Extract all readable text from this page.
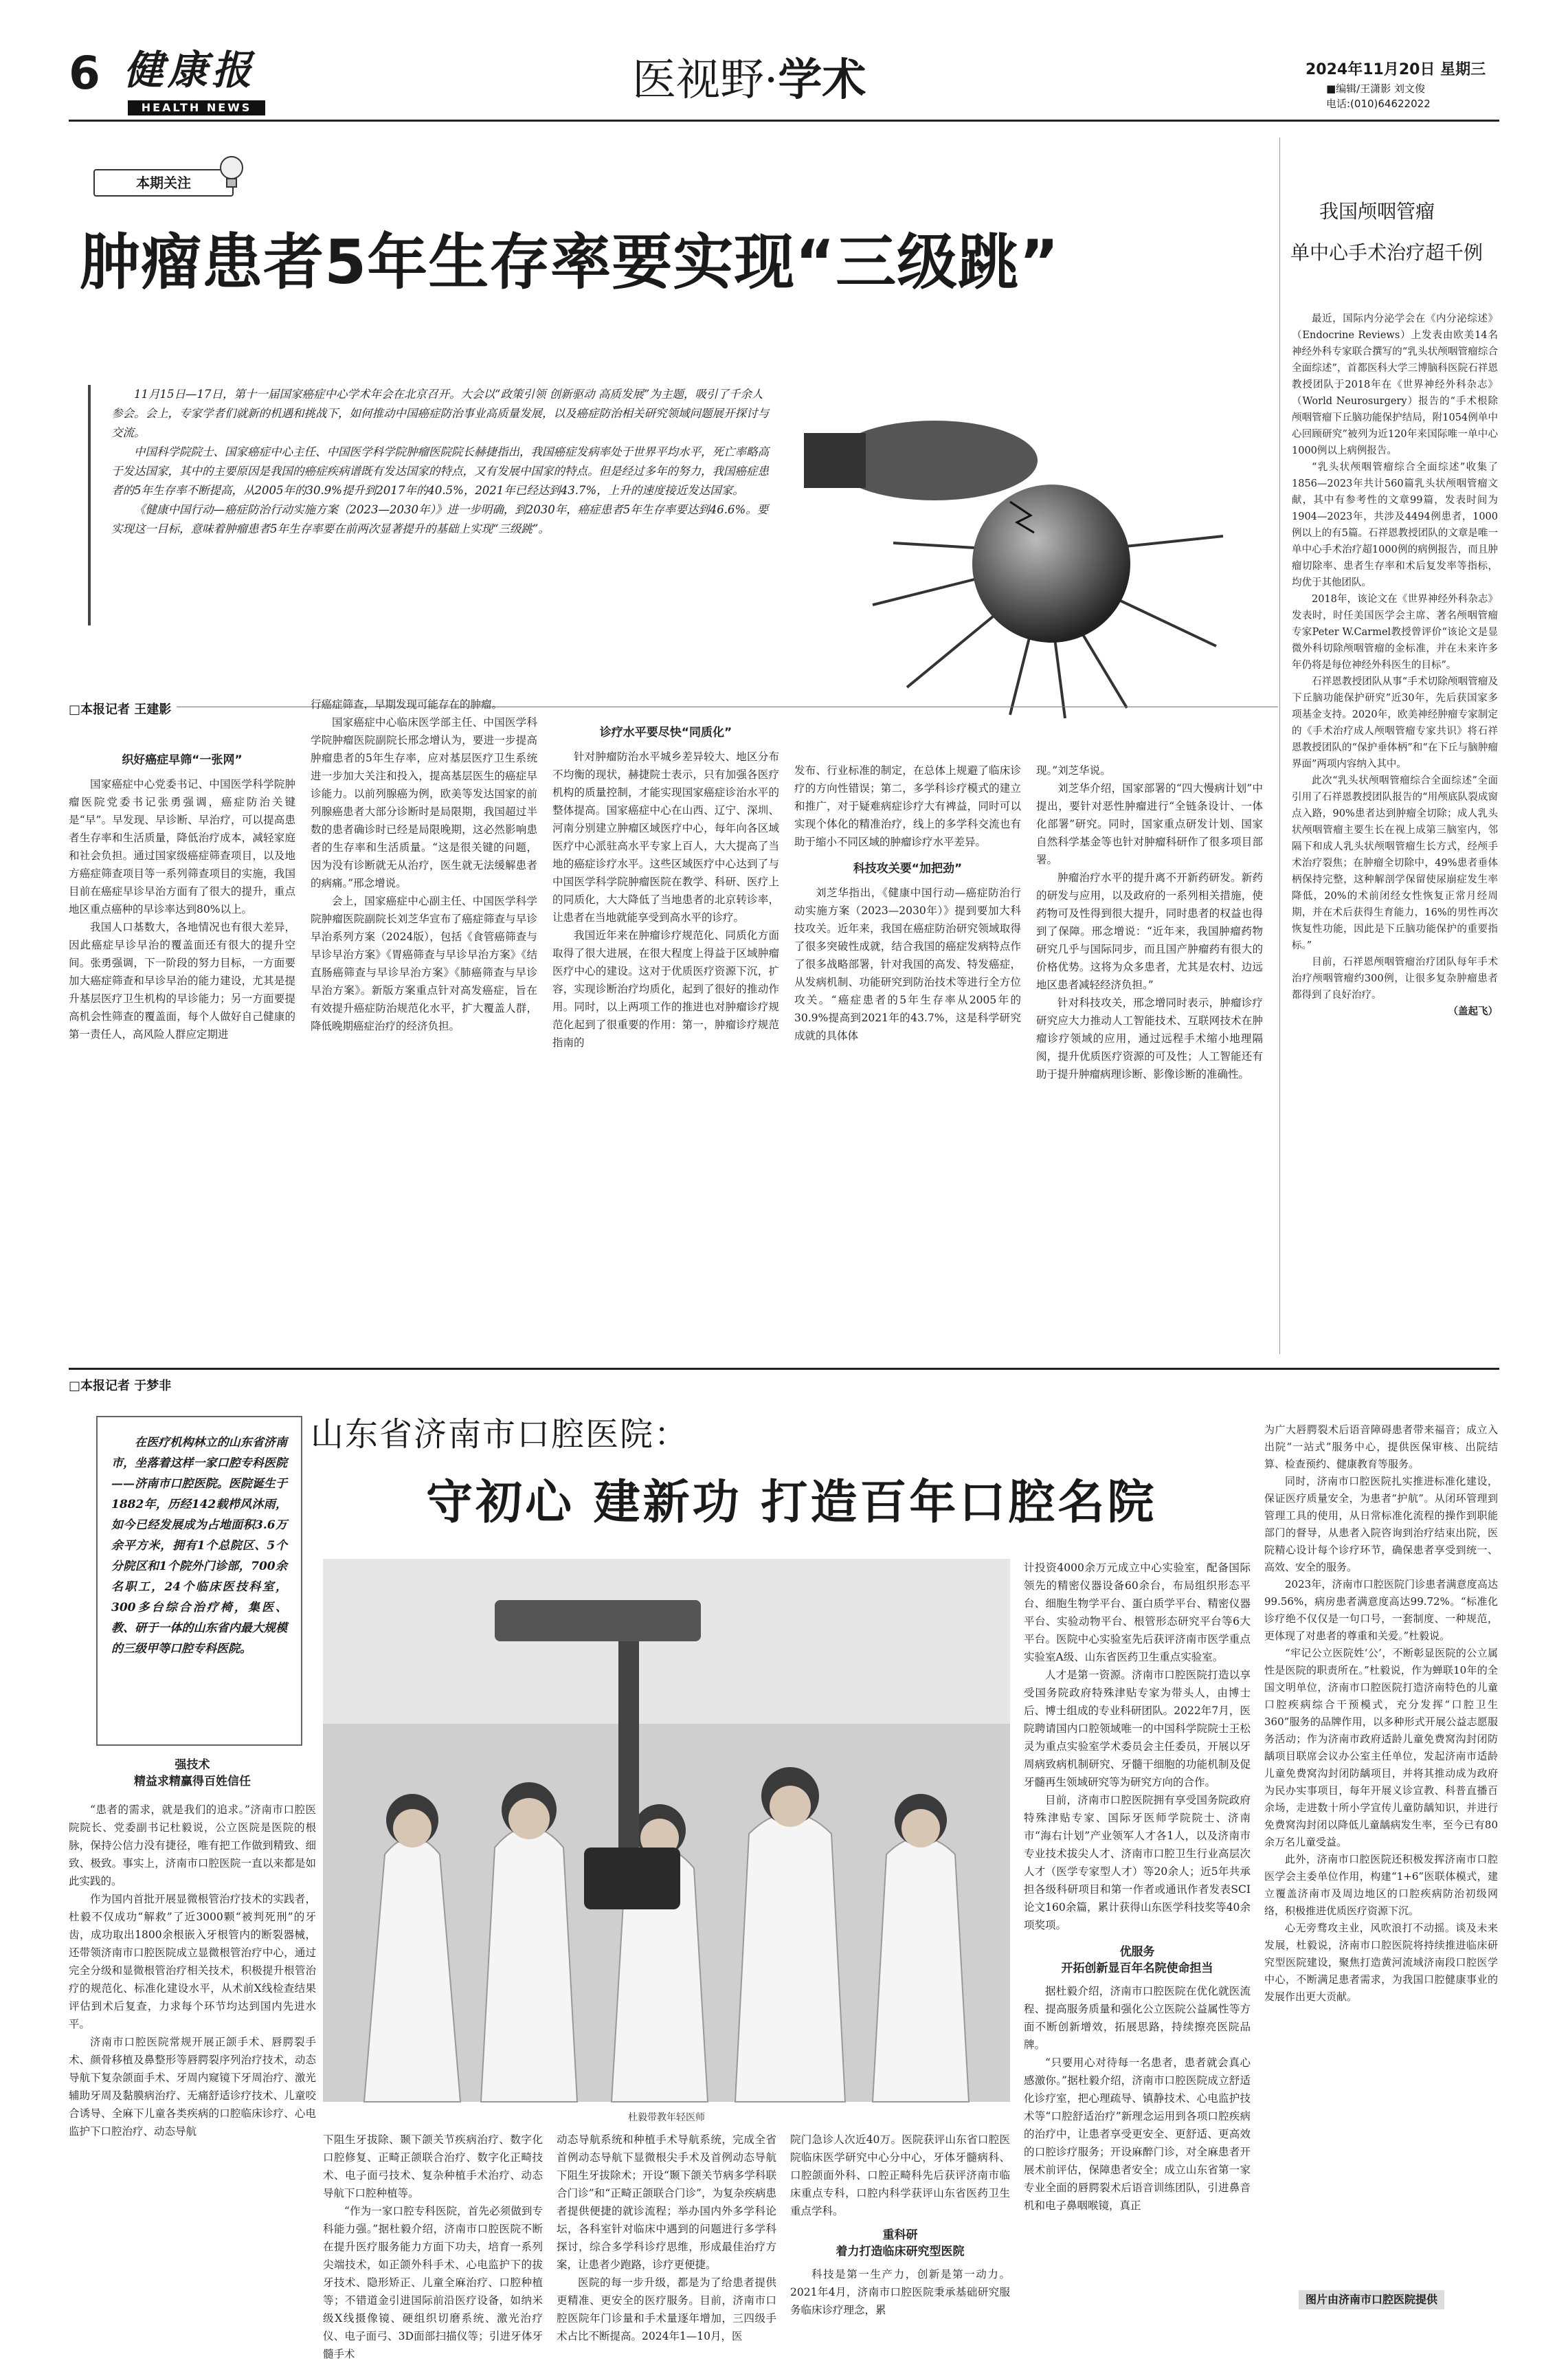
6 健康报
HEALTH NEWS
医视野·学术	2024年11月20日 星期三
■编辑/王潇影 刘文俊
电话:(010)64622022
本期关注
肿瘤患者5年生存率要实现“三级跳”

11月15日—17日，第十一届国家癌症中心学术年会在北京召开。大会以“政策引领 创新驱动 高质发展”为主题，吸引了千余人参会。会上，专家学者们就新的机遇和挑战下，如何推动中国癌症防治事业高质量发展，以及癌症防治相关研究领域问题展开探讨与交流。

中国科学院院士、国家癌症中心主任、中国医学科学院肿瘤医院院长赫捷指出，我国癌症发病率处于世界平均水平，死亡率略高于发达国家，其中的主要原因是我国的癌症疾病谱既有发达国家的特点，又有发展中国家的特点。但是经过多年的努力，我国癌症患者的5年生存率不断提高，从2005年的30.9%提升到2017年的40.5%，2021年已经达到43.7%，上升的速度接近发达国家。

《健康中国行动—癌症防治行动实施方案（2023—2030年）》进一步明确，到2030年，癌症患者5年生存率要达到46.6%。要实现这一目标，意味着肿瘤患者5年生存率要在前两次显著提升的基础上实现“三级跳”。

□本报记者 王建影
织好癌症早筛“一张网”

国家癌症中心党委书记、中国医学科学院肿瘤医院党委书记张勇强调，癌症防治关键是“早”。早发现、早诊断、早治疗，可以提高患者生存率和生活质量，降低治疗成本，减轻家庭和社会负担。通过国家级癌症筛查项目，以及地方癌症筛查项目等一系列筛查项目的实施，我国目前在癌症早诊早治方面有了很大的提升，重点地区重点癌种的早诊率达到80%以上。

我国人口基数大，各地情况也有很大差异，因此癌症早诊早治的覆盖面还有很大的提升空间。张勇强调，下一阶段的努力目标，一方面要加大癌症筛查和早诊早治的能力建设，尤其是提升基层医疗卫生机构的早诊能力；另一方面要提高机会性筛查的覆盖面，每个人做好自己健康的第一责任人，高风险人群应定期进

行癌症筛查，早期发现可能存在的肿瘤。

国家癌症中心临床医学部主任、中国医学科学院肿瘤医院副院长邢念增认为，要进一步提高肿瘤患者的5年生存率，应对基层医疗卫生系统进一步加大关注和投入，提高基层医生的癌症早诊能力。以前列腺癌为例，欧美等发达国家的前列腺癌患者大部分诊断时是局限期，我国超过半数的患者确诊时已经是局限晚期，这必然影响患者的生存率和生活质量。“这是很关键的问题，因为没有诊断就无从治疗，医生就无法缓解患者的病痛。”邢念增说。

会上，国家癌症中心副主任、中国医学科学院肿瘤医院副院长刘芝华宣布了癌症筛查与早诊早治系列方案（2024版），包括《食管癌筛查与早诊早治方案》《胃癌筛查与早诊早治方案》《结直肠癌筛查与早诊早治方案》《肺癌筛查与早诊早治方案》。新版方案重点针对高发癌症，旨在有效提升癌症防治规范化水平，扩大覆盖人群，降低晚期癌症治疗的经济负担。

诊疗水平要尽快“同质化”

针对肿瘤防治水平城乡差异较大、地区分布不均衡的现状，赫捷院士表示，只有加强各医疗机构的质量控制，才能实现国家癌症诊治水平的整体提高。国家癌症中心在山西、辽宁、深圳、河南分别建立肿瘤区域医疗中心，每年向各区域医疗中心派驻高水平专家上百人，大大提高了当地的癌症诊疗水平。这些区域医疗中心达到了与中国医学科学院肿瘤医院在教学、科研、医疗上的同质化，大大降低了当地患者的北京转诊率，让患者在当地就能享受到高水平的诊疗。

我国近年来在肿瘤诊疗规范化、同质化方面取得了很大进展，在很大程度上得益于区域肿瘤医疗中心的建设。这对于优质医疗资源下沉，扩容，实现诊断治疗均质化，起到了很好的推动作用。同时，以上两项工作的推进也对肿瘤诊疗规范化起到了很重要的作用：第一，肿瘤诊疗规范指南的

发布、行业标准的制定，在总体上规避了临床诊疗的方向性错误；第二，多学科诊疗模式的建立和推广，对于疑难病症诊疗大有裨益，同时可以实现个体化的精准治疗，线上的多学科交流也有助于缩小不同区域的肿瘤诊疗水平差异。

科技攻关要“加把劲”

刘芝华指出，《健康中国行动—癌症防治行动实施方案（2023—2030年）》提到要加大科技攻关。近年来，我国在癌症防治研究领域取得了很多突破性成就，结合我国的癌症发病特点作了很多战略部署，针对我国的高发、特发癌症，从发病机制、功能研究到防治技术等进行全方位攻关。“癌症患者的5年生存率从2005年的30.9%提高到2021年的43.7%，这是科学研究成就的具体体

现。”刘芝华说。

刘芝华介绍，国家部署的“四大慢病计划”中提出，要针对恶性肿瘤进行“全链条设计、一体化部署”研究。同时，国家重点研发计划、国家自然科学基金等也针对肿瘤科研作了很多项目部署。

肿瘤治疗水平的提升离不开新药研发。新药的研发与应用，以及政府的一系列相关措施，使药物可及性得到很大提升，同时患者的权益也得到了保障。邢念增说：“近年来，我国肿瘤药物研究几乎与国际同步，而且国产肿瘤药有很大的价格优势。这将为众多患者，尤其是农村、边远地区患者减轻经济负担。”

针对科技攻关，邢念增同时表示，肿瘤诊疗研究应大力推动人工智能技术、互联网技术在肿瘤诊疗领域的应用，通过远程手术缩小地理隔阂，提升优质医疗资源的可及性；人工智能还有助于提升肿瘤病理诊断、影像诊断的准确性。

我国颅咽管瘤
单中心手术治疗超千例

最近，国际内分泌学会在《内分泌综述》（Endocrine Reviews）上发表由欧美14名神经外科专家联合撰写的“乳头状颅咽管瘤综合全面综述”，首都医科大学三博脑科医院石祥恩教授团队于2018年在《世界神经外科杂志》（World Neurosurgery）报告的“手术根除颅咽管瘤下丘脑功能保护结局，附1054例单中心回顾研究”被列为近120年来国际唯一单中心1000例以上病例报告。

“乳头状颅咽管瘤综合全面综述”收集了1856—2023年共计560篇乳头状颅咽管瘤文献，其中有参考性的文章99篇，发表时间为1904—2023年，共涉及4494例患者，1000例以上的有5篇。石祥恩教授团队的文章是唯一单中心手术治疗超1000例的病例报告，而且肿瘤切除率、患者生存率和术后复发率等指标，均优于其他团队。

2018年，该论文在《世界神经外科杂志》发表时，时任美国医学会主席、著名颅咽管瘤专家Peter W.Carmel教授曾评价“该论文是显微外科切除颅咽管瘤的金标准，并在未来许多年仍将是每位神经外科医生的目标”。

石祥恩教授团队从事“手术切除颅咽管瘤及下丘脑功能保护研究”近30年，先后获国家多项基金支持。2020年，欧美神经肿瘤专家制定的《手术治疗成人颅咽管瘤专家共识》将石祥恩教授团队的“保护垂体柄”和“在下丘与脑肿瘤界面”两项内容纳入其中。

此次“乳头状颅咽管瘤综合全面综述”全面引用了石祥恩教授团队报告的“用颅底队裂成窗点入路，90%患者达到肿瘤全切除；成人乳头状颅咽管瘤主要生长在视上成第三脑室内，邻隔下和成人乳头状颅咽管瘤生长方式，经颅手术治疗裂焦；在肿瘤全切除中，49%患者垂体柄保持完整，这种解剖学保留使尿崩症发生率降低，20%的术前闭经女性恢复正常月经周期，并在术后获得生育能力，16%的男性再次恢复性功能，因此是下丘脑功能保护的重要指标。”

目前，石祥恩颅咽管瘤治疗团队每年手术治疗颅咽管瘤约300例，让很多复杂肿瘤患者都得到了良好治疗。

（盖起飞）

□本报记者 于梦非
山东省济南市口腔医院：
守初心 建新功 打造百年口腔名院

在医疗机构林立的山东省济南市，坐落着这样一家口腔专科医院——济南市口腔医院。医院诞生于1882年，历经142载栉风沐雨，如今已经发展成为占地面积3.6万余平方米，拥有1个总院区、5个分院区和1个院外门诊部，700余名职工，24个临床医技科室，300多台综合治疗椅，集医、教、研于一体的山东省内最大规模的三级甲等口腔专科医院。

杜毅带教年轻医师
强技术
精益求精赢得百姓信任

“患者的需求，就是我们的追求。”济南市口腔医院院长、党委副书记杜毅说，公立医院是医院的根脉，保持公信力没有捷径，唯有把工作做到精致、细致、极致。事实上，济南市口腔医院一直以来都是如此实践的。

作为国内首批开展显微根管治疗技术的实践者，杜毅不仅成功“解救”了近3000颗“被判死刑”的牙齿，成功取出1800余根嵌入牙根管内的断裂器械，还带领济南市口腔医院成立显微根管治疗中心，通过完全分级和显微根管治疗相关技术，积极提升根管治疗的规范化、标准化建设水平，从术前X线检查结果评估到术后复查，力求每个环节均达到国内先进水平。

济南市口腔医院常规开展正颌手术、唇腭裂手术、颜骨移植及鼻整形等唇腭裂序列治疗技术，动态导航下复杂颌面手术、牙周内窥镜下牙周治疗、激光辅助牙周及黏膜病治疗、无痛舒适诊疗技术、儿童咬合诱导、全麻下儿童各类疾病的口腔临床诊疗、心电监护下口腔治疗、动态导航

下阻生牙拔除、颞下颌关节疾病治疗、数字化口腔修复、正畸正颌联合治疗、数字化正畸技术、电子面弓技术、复杂种植手术治疗、动态导航下口腔种植等。

“作为一家口腔专科医院，首先必须做到专科能力强。”据杜毅介绍，济南市口腔医院不断在提升医疗服务能力方面下功夫，培育一系列尖端技术，如正颌外科手术、心电监护下的拔牙技术、隐形矫正、儿童全麻治疗、口腔种植等；不错道金引进国际前沿医疗设备，如纳米级X线摄像镜、硬组织切磨系统、激光治疗仪、电子面弓、3D面部扫描仪等；引进牙体牙髓手术

动态导航系统和种植手术导航系统，完成全省首例动态导航下显微根尖手术及首例动态导航下阻生牙拔除术；开设“颞下颌关节病多学科联合门诊”和“正畸正颌联合门诊”，为复杂疾病患者提供便捷的就诊流程；举办国内外多学科论坛，各科室针对临床中遇到的问题进行多学科探讨，综合多学科诊疗思维，形成最佳治疗方案，让患者少跑路，诊疗更便捷。

医院的每一步升级，都是为了给患者提供更精准、更安全的医疗服务。目前，济南市口腔医院年门诊量和手术量逐年增加，三四级手术占比不断提高。2024年1—10月，医

院门急诊人次近40万。医院获评山东省口腔医院临床医学研究中心分中心，牙体牙髓病科、口腔颌面外科、口腔正畸科先后获评济南市临床重点专科，口腔内科学获评山东省医药卫生重点学科。

重科研
着力打造临床研究型医院

科技是第一生产力，创新是第一动力。2021年4月，济南市口腔医院秉承基础研究服务临床诊疗理念，累

计投资4000余万元成立中心实验室，配备国际领先的精密仪器设备60余台，布局组织形态平台、细胞生物学平台、蛋白质学平台、精密仪器平台、实验动物平台、根管形态研究平台等6大平台。医院中心实验室先后获评济南市医学重点实验室A级、山东省医药卫生重点实验室。

人才是第一资源。济南市口腔医院打造以享受国务院政府特殊津贴专家为带头人，由博士后、博士组成的专业科研团队。2022年7月，医院聘请国内口腔领域唯一的中国科学院院士王松灵为重点实验室学术委员会主任委员，开展以牙周病致病机制研究、牙髓干细胞的功能机制及促牙髓再生领域研究等为研究方向的合作。

目前，济南市口腔医院拥有享受国务院政府特殊津贴专家、国际牙医师学院院士、济南市“海右计划”产业领军人才各1人，以及济南市专业技术拔尖人才、济南市口腔卫生行业高层次人才（医学专家型人才）等20余人；近5年共承担各级科研项目和第一作者或通讯作者发表SCI论文160余篇，累计获得山东医学科技奖等40余项奖项。

优服务
开拓创新显百年名院使命担当

据杜毅介绍，济南市口腔医院在优化就医流程、提高服务质量和强化公立医院公益属性等方面不断创新增效，拓展思路，持续擦亮医院品牌。

“只要用心对待每一名患者，患者就会真心感激你。”据杜毅介绍，济南市口腔医院成立舒适化诊疗室，把心理疏导、镇静技术、心电监护技术等“口腔舒适治疗”新理念运用到各项口腔疾病的治疗中，让患者享受更安全、更舒适、更高效的口腔诊疗服务；开设麻醉门诊，对全麻患者开展术前评估，保障患者安全；成立山东省第一家专业全面的唇腭裂术后语音训练团队，引进鼻音机和电子鼻咽喉镜，真正

为广大唇腭裂术后语音障碍患者带来福音；成立入出院“一站式”服务中心，提供医保审核、出院结算、检查预约、健康教育等服务。

同时，济南市口腔医院扎实推进标准化建设，保证医疗质量安全，为患者“护航”。从闭环管理到管理工具的使用，从日常标准化流程的操作到职能部门的督导，从患者入院咨询到治疗结束出院，医院精心设计每个诊疗环节，确保患者享受到统一、高效、安全的服务。

2023年，济南市口腔医院门诊患者满意度高达99.56%，病房患者满意度高达99.72%。“标准化诊疗绝不仅仅是一句口号，一套制度、一种规范，更体现了对患者的尊重和关爱。”杜毅说。

“牢记公立医院姓‘公’，不断彰显医院的公立属性是医院的职责所在。”杜毅说，作为蝉联10年的全国文明单位，济南市口腔医院打造济南特色的儿童口腔疾病综合干预模式，充分发挥“口腔卫生360”服务的品牌作用，以多种形式开展公益志愿服务活动；作为济南市政府适龄儿童免费窝沟封闭防龋项目联席会议办公室主任单位，发起济南市适龄儿童免费窝沟封闭防龋项目，并将其推动成为政府为民办实事项目，每年开展义诊宣教、科普直播百余场，走进数十所小学宣传儿童防龋知识，并进行免费窝沟封闭以降低儿童龋病发生率，至今已有80余万名儿童受益。

此外，济南市口腔医院还积极发挥济南市口腔医学会主委单位作用，构建“1+6”医联体模式，建立覆盖济南市及周边地区的口腔疾病防治初级网络，积极推进优质医疗资源下沉。

心无旁骛攻主业，风吹浪打不动摇。谈及未来发展，杜毅说，济南市口腔医院将持续推进临床研究型医院建设，聚焦打造黄河流域济南段口腔医学中心，不断满足患者需求，为我国口腔健康事业的发展作出更大贡献。

图片由济南市口腔医院提供
